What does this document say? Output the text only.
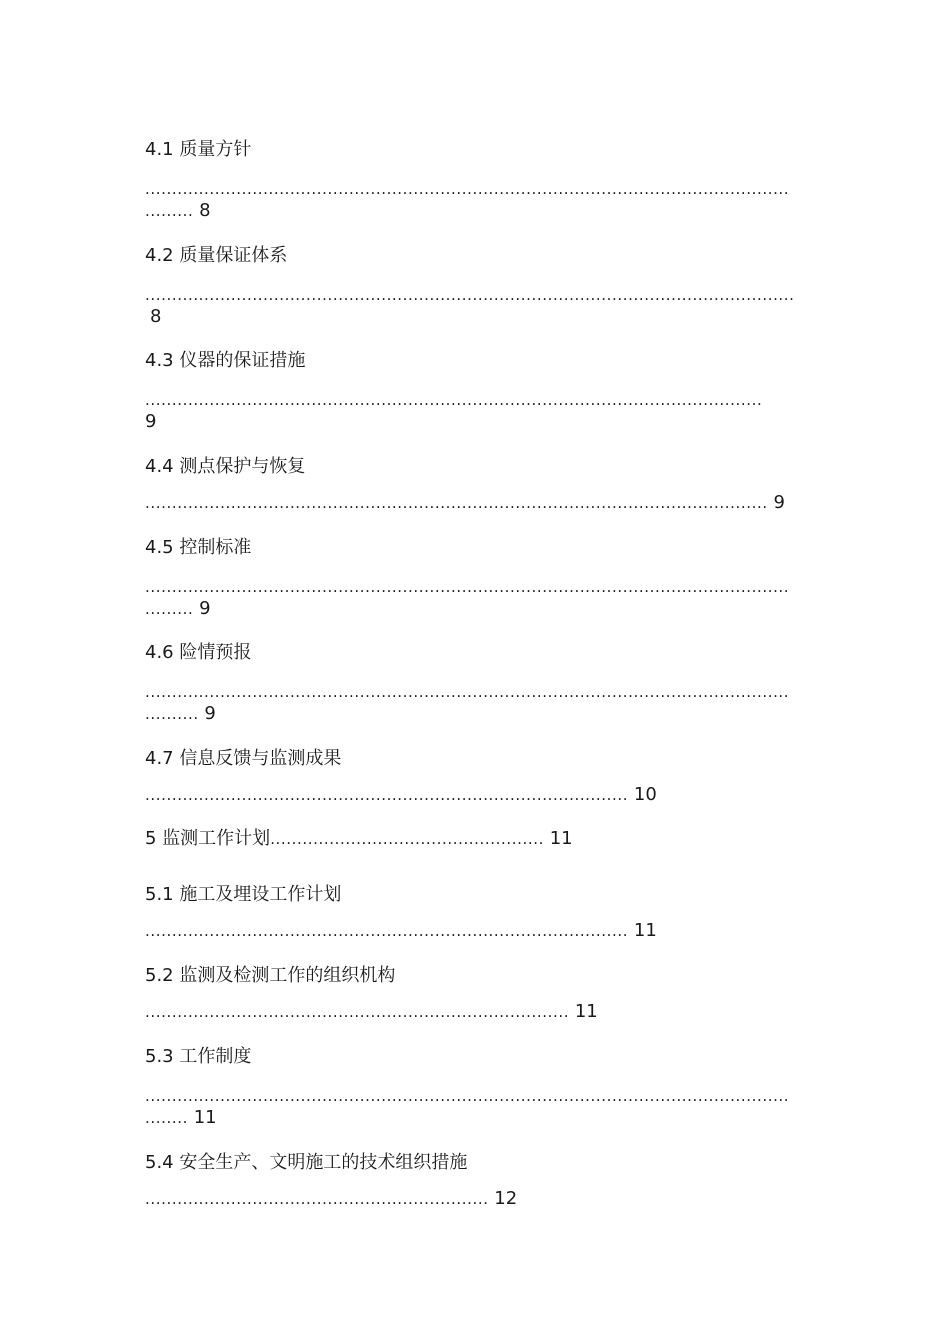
4.1 质量方针
........................................................................................................................
......... 8
4.2 质量保证体系
.........................................................................................................................
8
4.3 仪器的保证措施
...................................................................................................................
9
4.4 测点保护与恢复
.................................................................................................................... 9
4.5 控制标准
........................................................................................................................
......... 9
4.6 险情预报
........................................................................................................................
.......... 9
4.7 信息反馈与监测成果
.......................................................................................... 10
5 监测工作计划................................................... 11
5.1 施工及埋设工作计划
.......................................................................................... 11
5.2 监测及检测工作的组织机构
............................................................................... 11
5.3 工作制度
........................................................................................................................
........ 11
5.4 安全生产、文明施工的技术组织措施
................................................................ 12
